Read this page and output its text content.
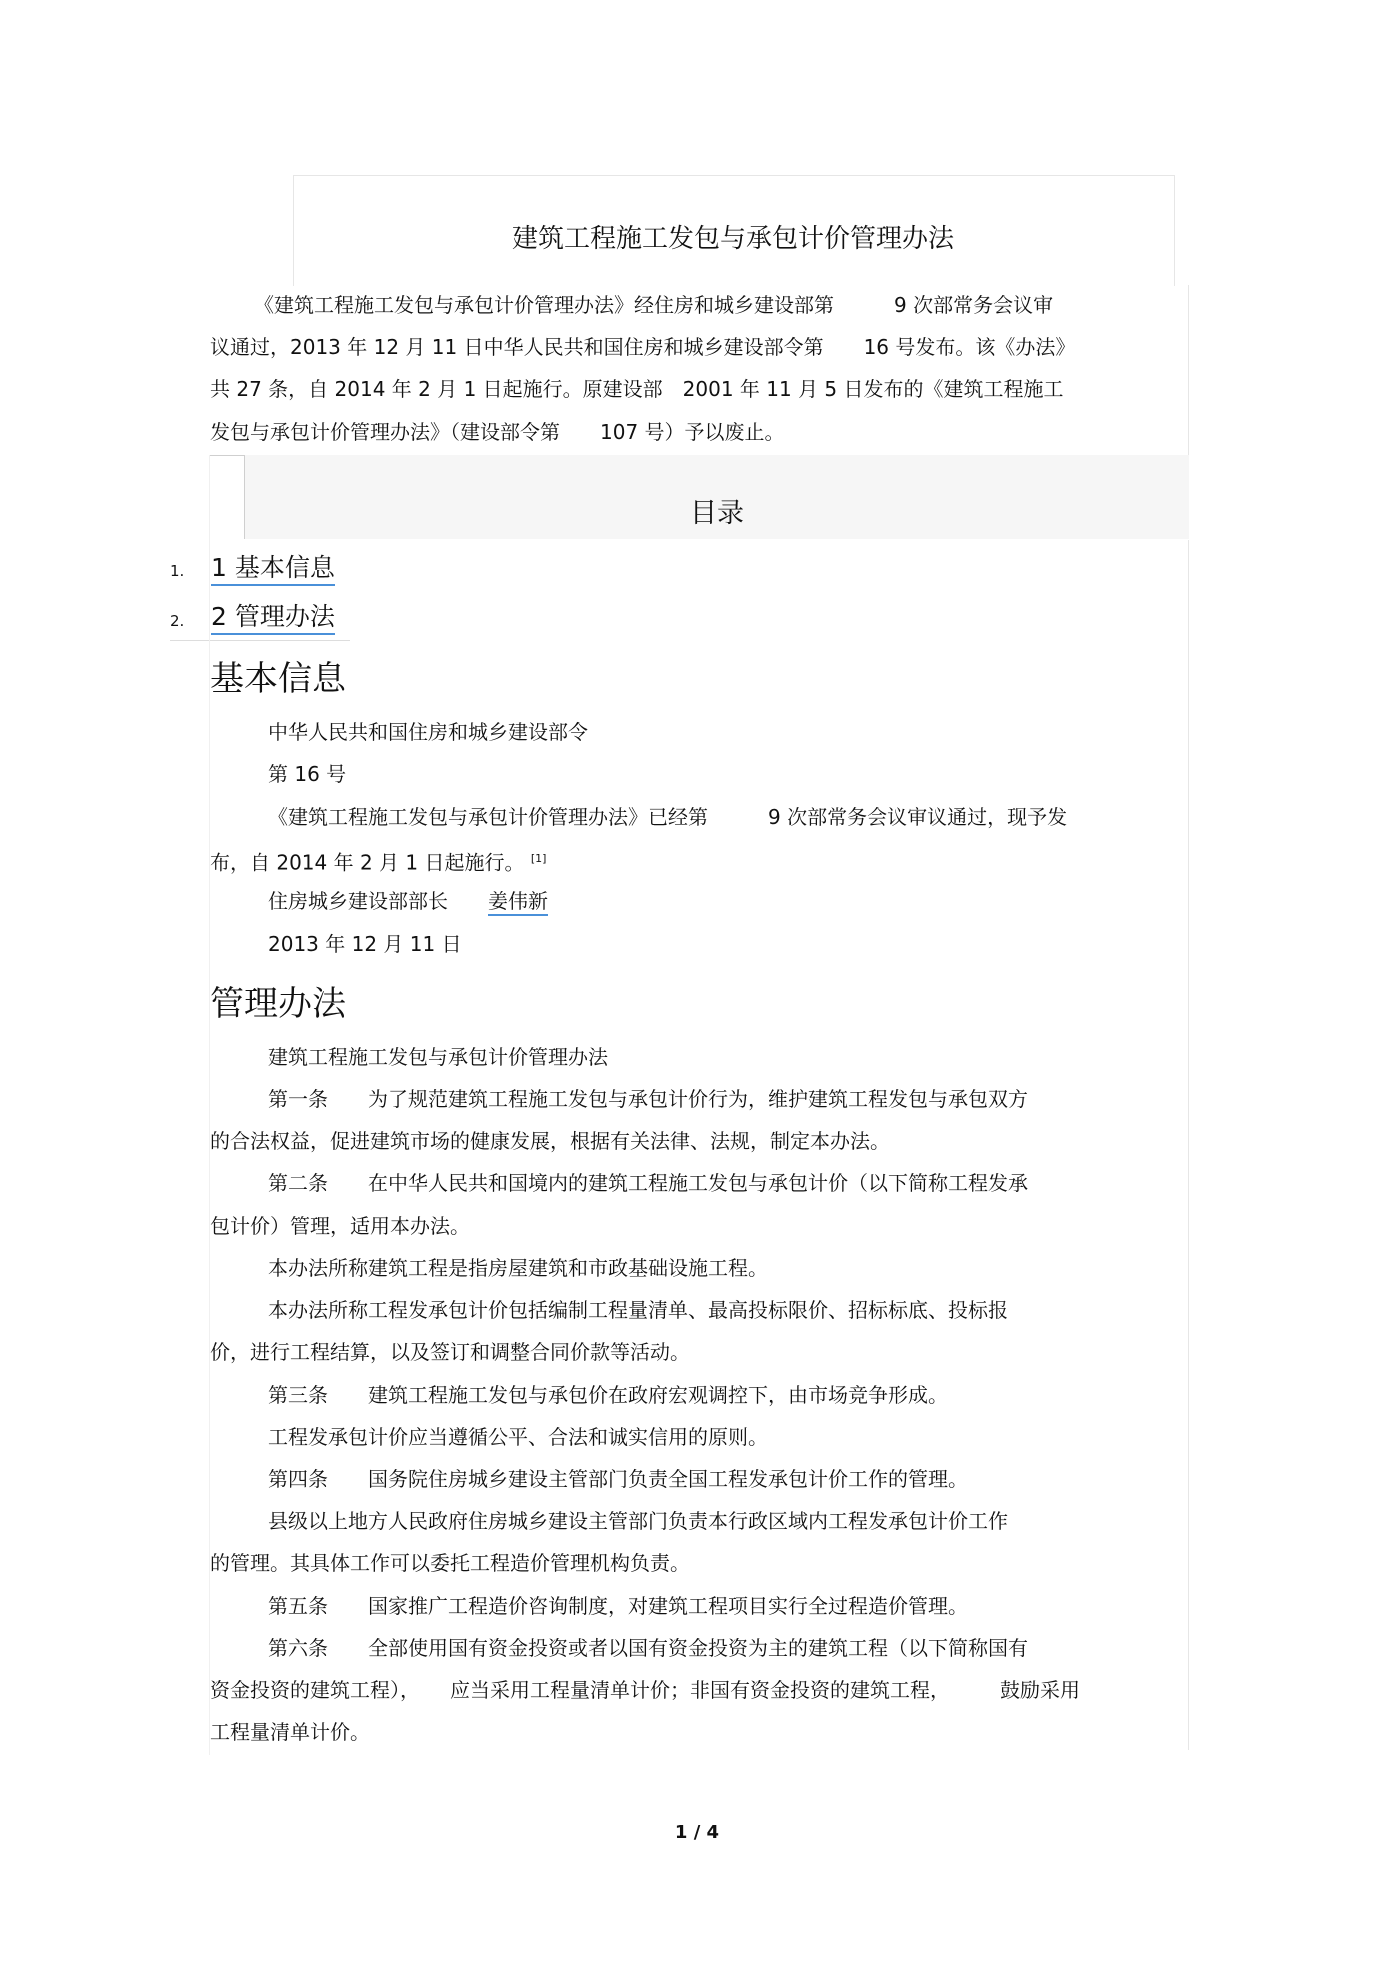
建筑工程施工发包与承包计价管理办法
《建筑工程施工发包与承包计价管理办法》经住房和城乡建设部第　　　9 次部常务会议审
议通过，2013 年 12 月 11 日中华人民共和国住房和城乡建设部令第　　16 号发布。该《办法》
共 27 条，自 2014 年 2 月 1 日起施行。原建设部　2001 年 11 月 5 日发布的《建筑工程施工
发包与承包计价管理办法》（建设部令第　　107 号）予以废止。
目录
1. 1 基本信息
2. 2 管理办法
基本信息
中华人民共和国住房和城乡建设部令
第 16 号
《建筑工程施工发包与承包计价管理办法》已经第　　　9 次部常务会议审议通过，现予发
布，自 2014 年 2 月 1 日起施行。 [1]
住房城乡建设部部长　　 姜伟新
2013 年 12 月 11 日
管理办法
建筑工程施工发包与承包计价管理办法
第一条　　为了规范建筑工程施工发包与承包计价行为，维护建筑工程发包与承包双方
的合法权益，促进建筑市场的健康发展，根据有关法律、法规，制定本办法。
第二条　　在中华人民共和国境内的建筑工程施工发包与承包计价（以下简称工程发承
包计价）管理，适用本办法。
本办法所称建筑工程是指房屋建筑和市政基础设施工程。
本办法所称工程发承包计价包括编制工程量清单、最高投标限价、招标标底、投标报
价，进行工程结算，以及签订和调整合同价款等活动。
第三条　　建筑工程施工发包与承包价在政府宏观调控下，由市场竞争形成。
工程发承包计价应当遵循公平、合法和诚实信用的原则。
第四条　　国务院住房城乡建设主管部门负责全国工程发承包计价工作的管理。
县级以上地方人民政府住房城乡建设主管部门负责本行政区域内工程发承包计价工作
的管理。其具体工作可以委托工程造价管理机构负责。
第五条　　国家推广工程造价咨询制度，对建筑工程项目实行全过程造价管理。
第六条　　全部使用国有资金投资或者以国有资金投资为主的建筑工程（以下简称国有
资金投资的建筑工程），　　应当采用工程量清单计价；非国有资金投资的建筑工程，　　　鼓励采用
工程量清单计价。
1 / 4
